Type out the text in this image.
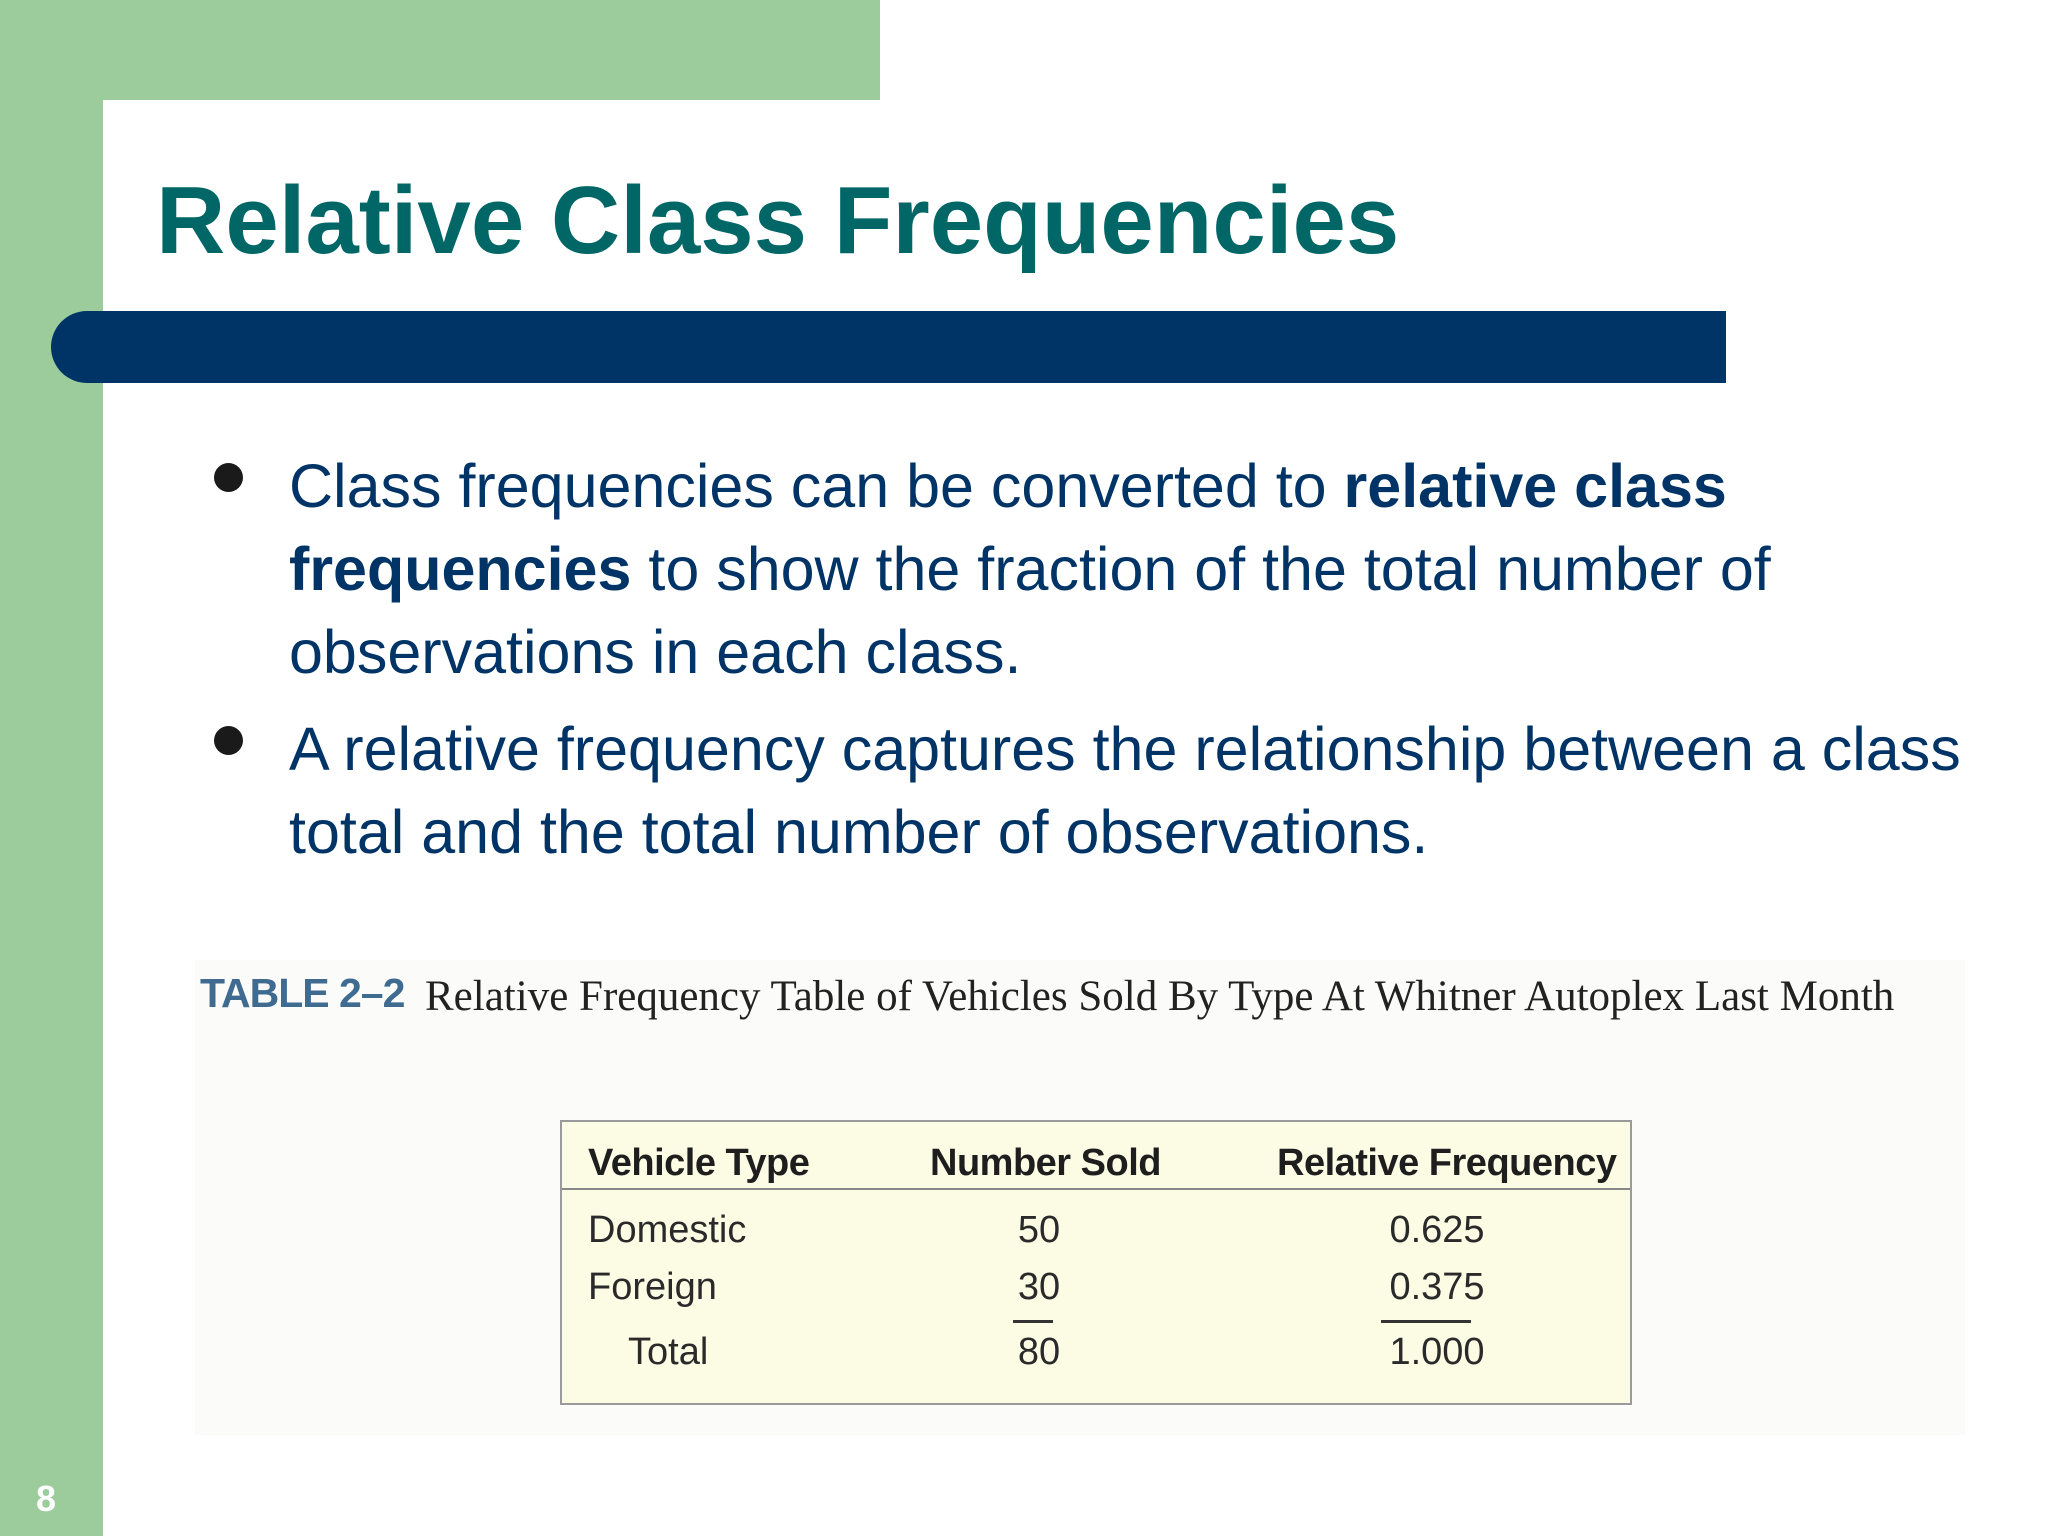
Relative Class Frequencies
Class frequencies can be converted to relative class frequencies to show the fraction of the total number of observations in each class.
A relative frequency captures the relationship between a class total and the total number of observations.
TABLE 2–2 Relative Frequency Table of Vehicles Sold By Type At Whitner Autoplex Last Month
Vehicle Type	Number Sold	Relative Frequency
Domestic	50	0.625
Foreign	30	0.375
Total	80	1.000
8
